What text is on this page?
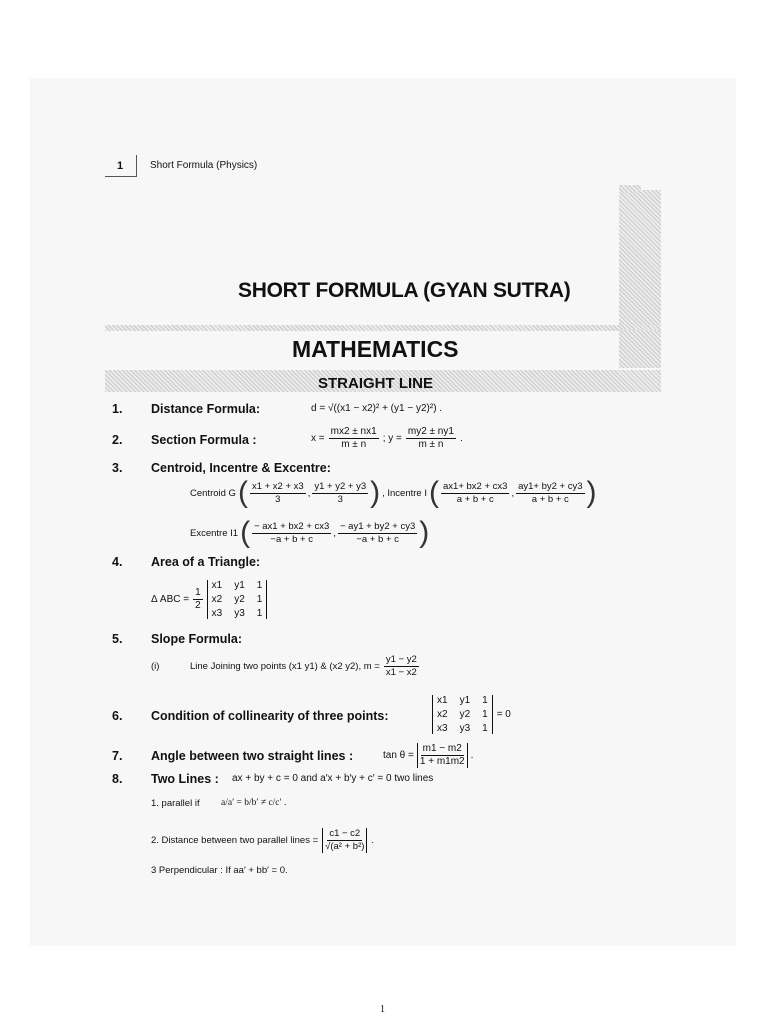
1	Short Formula (Physics)
SHORT FORMULA (GYAN SUTRA)
MATHEMATICS
STRAIGHT LINE
1. Distance Formula:	d = √((x1 − x2)² + (y1 − y2)²) .
2. Section Formula :	$x = \frac{mx2 \pm nx1}{m \pm n}$ ; $y = \frac{my2 \pm ny1}{m \pm n}$ .
3. Centroid, Incentre & Excentre:
Centroid G ( $\frac{x1 + x2 + x3}{3}$ , $\frac{y1 + y2 + y3}{3}$ ) , Incentre I ( $\frac{ax1+ bx2 + cx3}{a + b + c}$ , $\frac{ay1+ by2 + cy3}{a + b + c}$ )
Excentre I1 ( $\frac{- ax1 + bx2 + cx3}{-a + b + c}$ , $\frac{- ay1 + by2 + cy3}{-a + b + c}$ )
4. Area of a Triangle:
Δ ABC = $\frac{1}{2}$
x1 y1 1
x2 y2 1
x3 y3 1
5. Slope Formula:
(i)	Line Joining two points (x1 y1) & (x2 y2), $m = \frac{y1 - y2}{x1 - x2}$
6. Condition of collinearity of three points:
x1 y1 1
x2 y2 1
x3 y3 1
= 0
7. Angle between two straight lines :	$\tan \theta = \frac{m1 - m2}{1 + m1m2}$ .
8. Two Lines : ax + by + c = 0 and a′x + b′y + c′ = 0 two lines
1. parallel if a/a′ = b/b′ ≠ c/c′ .
2. Distance between two parallel lines = $\frac{c1 - c2}{\text{√(a² + b²)}}$ .
3 Perpendicular : If aa′ + bb′ = 0.
1
